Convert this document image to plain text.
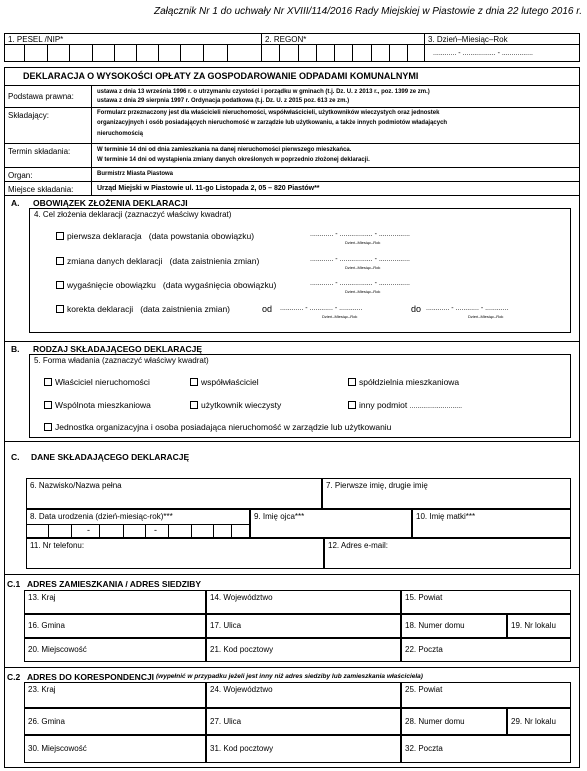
Załącznik Nr 1 do uchwały Nr XVIII/114/2016 Rady Miejskiej w Piastowie z dnia 22 lutego 2016 r.
1. PESEL /NIP*	2. REGON*	3. Dzień–Miesiąc–Rok
............ - ................. - ................
DEKLARACJA O WYSOKOŚCI OPŁATY ZA GOSPODAROWANIE ODPADAMI KOMUNALNYMI
Podstawa prawna:	ustawa z dnia 13 września 1996 r. o utrzymaniu czystości i porządku w gminach (t.j. Dz. U. z 2013 r., poz. 1399 ze zm.)
ustawa z dnia 29 sierpnia 1997 r. Ordynacja podatkowa (t.j. Dz. U. z 2015 poz. 613 ze zm.)
Składający:	Formularz przeznaczony jest dla właścicieli nieruchomości, współwłaścicieli, użytkowników wieczystych oraz jednostek
organizacyjnych i osób posiadających nieruchomość w zarządzie lub użytkowaniu, a także innych podmiotów władających
nieruchomością
Termin składania:	W terminie 14 dni od dnia zamieszkania na danej nieruchomości pierwszego mieszkańca.
W terminie 14 dni od wystąpienia zmiany danych określonych w poprzednio złożonej deklaracji.
Organ:	Burmistrz Miasta Piastowa
Miejsce składania:	Urząd Miejski w Piastowie ul. 11-go Listopada 2, 05 – 820 Piastów**
A. OBOWIĄZEK ZŁOŻENIA DEKLARACJI
4. Cel złożenia deklaracji (zaznaczyć właściwy kwadrat)
pierwsza deklaracja (data powstania obowiązku)	............ - ................. - ................
Dzień–Miesiąc–Rok
zmiana danych deklaracji (data zaistnienia zmian)	............ - ................. - ................
Dzień–Miesiąc–Rok
wygaśnięcie obowiązku (data wygaśnięcia obowiązku)	............ - ................. - ................
Dzień–Miesiąc–Rok
korekta deklaracji (data zaistnienia zmian)	od ............ - ............ - ............
Dzień–Miesiąc–Rok
do ............ - ............ - ............
Dzień–Miesiąc–Rok
B. RODZAJ SKŁADAJĄCEGO DEKLARACJĘ
5. Forma władania (zaznaczyć właściwy kwadrat)
Właściciel nieruchomości	współwłaściciel	spółdzielnia mieszkaniowa
Wspólnota mieszkaniowa	użytkownik wieczysty	inny podmiot ...........................
Jednostka organizacyjna i osoba posiadająca nieruchomość w zarządzie lub użytkowaniu
C. DANE SKŁADAJĄCEGO DEKLARACJĘ
6. Nazwisko/Nazwa pełna	7. Pierwsze imię, drugie imię
8. Data urodzenia (dzień-miesiąc-rok)***
-	-
9. Imię ojca***	10. Imię matki***
11. Nr telefonu:	12. Adres e-mail:
C.1 ADRES ZAMIESZKANIA / ADRES SIEDZIBY
13. Kraj	14. Województwo	15. Powiat
16. Gmina	17. Ulica	18. Numer domu	19. Nr lokalu
20. Miejscowość	21. Kod pocztowy	22. Poczta
C.2 ADRES DO KORESPONDENCJI (wypełnić w przypadku jeżeli jest inny niż adres siedziby lub zamieszkania właściciela)
23. Kraj	24. Województwo	25. Powiat
26. Gmina	27. Ulica	28. Numer domu	29. Nr lokalu
30. Miejscowość	31. Kod pocztowy	32. Poczta
